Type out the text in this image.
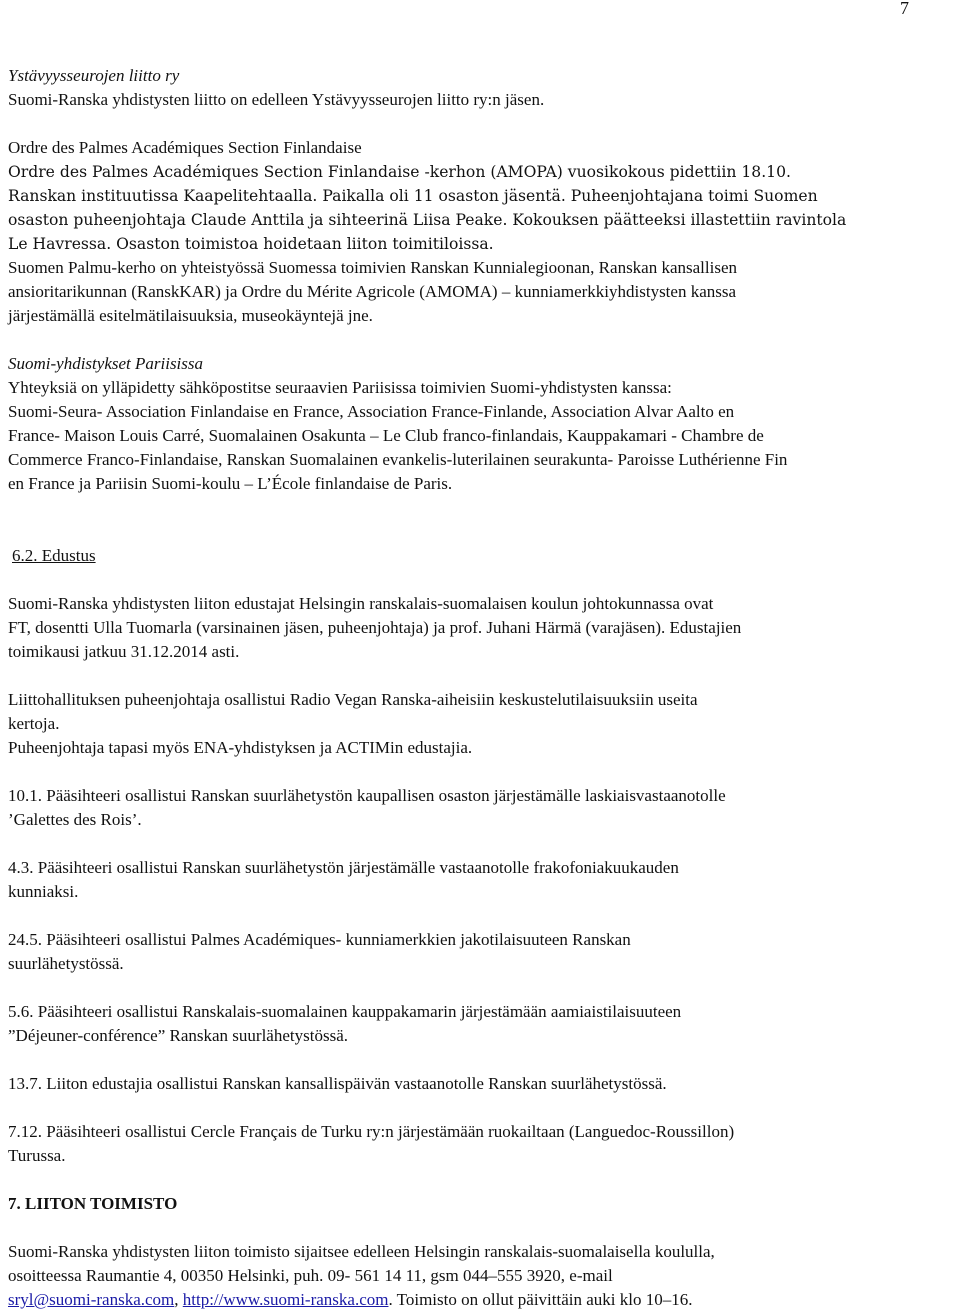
7

Ystävyysseurojen liitto ry

Suomi-Ranska yhdistysten liitto on edelleen Ystävyysseurojen liitto ry:n jäsen.

Ordre des Palmes Académiques Section Finlandaise

Ordre des Palmes Académiques Section Finlandaise -kerhon (AMOPA) vuosikokous pidettiin 18.10.

Ranskan instituutissa Kaapelitehtaalla. Paikalla oli 11 osaston jäsentä. Puheenjohtajana toimi Suomen

osaston puheenjohtaja Claude Anttila ja sihteerinä Liisa Peake. Kokouksen päätteeksi illastettiin ravintola

Le Havressa. Osaston toimistoa hoidetaan liiton toimitiloissa.

Suomen Palmu-kerho on yhteistyössä Suomessa toimivien Ranskan Kunnialegioonan, Ranskan kansallisen

ansioritarikunnan (RanskKAR) ja Ordre du Mérite Agricole (AMOMA) – kunniamerkkiyhdistysten kanssa

järjestämällä esitelmätilaisuuksia, museokäyntejä jne.

Suomi-yhdistykset Pariisissa

Yhteyksiä on ylläpidetty sähköpostitse seuraavien Pariisissa toimivien Suomi-yhdistysten kanssa:

Suomi-Seura- Association Finlandaise en France, Association France-Finlande, Association Alvar Aalto en

France- Maison Louis Carré, Suomalainen Osakunta – Le Club franco-finlandais, Kauppakamari - Chambre de

Commerce Franco-Finlandaise, Ranskan Suomalainen evankelis-luterilainen seurakunta- Paroisse Luthérienne Fin

en France ja Pariisin Suomi-koulu – L’École finlandaise de Paris.

6.2. Edustus

Suomi-Ranska yhdistysten liiton edustajat Helsingin ranskalais-suomalaisen koulun johtokunnassa ovat

FT, dosentti Ulla Tuomarla (varsinainen jäsen, puheenjohtaja) ja prof. Juhani Härmä (varajäsen). Edustajien

toimikausi jatkuu 31.12.2014 asti.

Liittohallituksen puheenjohtaja osallistui Radio Vegan Ranska-aiheisiin keskustelutilaisuuksiin useita

kertoja.

Puheenjohtaja tapasi myös ENA-yhdistyksen ja ACTIMin edustajia.

10.1. Pääsihteeri osallistui Ranskan suurlähetystön kaupallisen osaston järjestämälle laskiaisvastaanotolle

’Galettes des Rois’.

4.3. Pääsihteeri osallistui Ranskan suurlähetystön järjestämälle vastaanotolle frakofoniakuukauden

kunniaksi.

24.5. Pääsihteeri osallistui Palmes Académiques- kunniamerkkien jakotilaisuuteen Ranskan

suurlähetystössä.

5.6. Pääsihteeri osallistui Ranskalais-suomalainen kauppakamarin järjestämään aamiaistilaisuuteen

”Déjeuner-conférence” Ranskan suurlähetystössä.

13.7. Liiton edustajia osallistui Ranskan kansallispäivän vastaanotolle Ranskan suurlähetystössä.

7.12. Pääsihteeri osallistui Cercle Français de Turku ry:n järjestämään ruokailtaan (Languedoc-Roussillon)

Turussa.

7. LIITON TOIMISTO

Suomi-Ranska yhdistysten liiton toimisto sijaitsee edelleen Helsingin ranskalais-suomalaisella koululla,

osoitteessa Raumantie 4, 00350 Helsinki, puh. 09- 561 14 11, gsm 044–555 3920, e-mail

sryl@suomi-ranska.com, http://www.suomi-ranska.com. Toimisto on ollut päivittäin auki klo 10–16.
